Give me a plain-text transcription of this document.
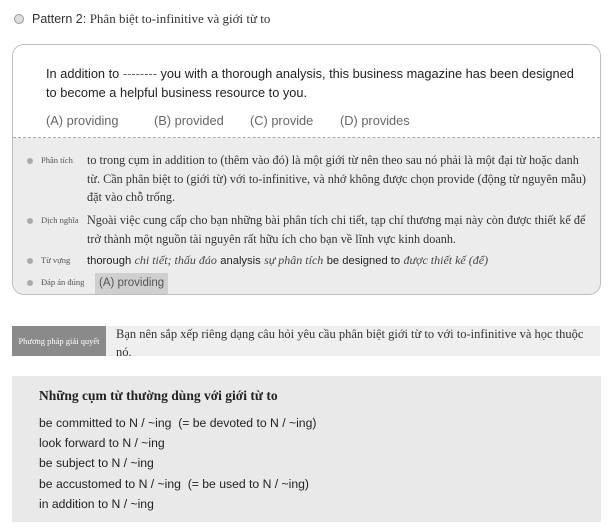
Pattern 2: Phân biệt to-infinitive và giới từ to
In addition to -------- you with a thorough analysis, this business magazine has been designed to become a helpful business resource to you.
(A) providing	(B) provided (C) provide (D) provides
Phân tích to trong cụm in addition to (thêm vào đó) là một giới từ nên theo sau nó phải là một đại từ hoặc danh từ. Cần phân biệt to (giới từ) với to-infinitive, và nhớ không được chọn provide (động từ nguyên mẫu) đặt vào chỗ trống.
Dịch nghĩa Ngoài việc cung cấp cho bạn những bài phân tích chi tiết, tạp chí thương mại này còn được thiết kế để trở thành một nguồn tài nguyên rất hữu ích cho bạn về lĩnh vực kinh doanh.
Từ vựng thorough chi tiết; thấu đáo analysis sự phân tích be designed to được thiết kế (để)
Đáp án đúng	(A) providing
Phương pháp giải quyết	Bạn nên sắp xếp riêng dạng câu hỏi yêu cầu phân biệt giới từ to với to-infinitive và học thuộc nó.
Những cụm từ thường dùng với giới từ to
be committed to N / ~ing  (= be devoted to N / ~ing)
look forward to N / ~ing
be subject to N / ~ing
be accustomed to N / ~ing  (= be used to N / ~ing)
in addition to N / ~ing
